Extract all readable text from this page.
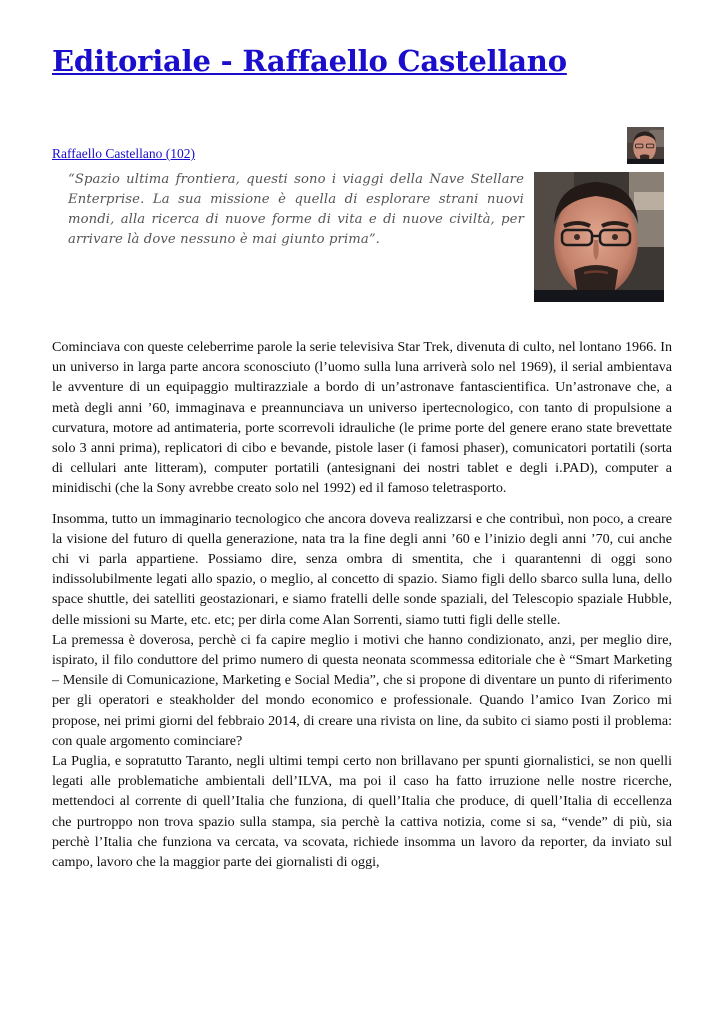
Editoriale - Raffaello Castellano
Raffaello Castellano (102)
“Spazio ultima frontiera, questi sono i viaggi della Nave Stellare Enterprise. La sua missione è quella di esplorare strani nuovi mondi, alla ricerca di nuove forme di vita e di nuove civiltà, per arrivare là dove nessuno è mai giunto prima”.

Cominciava con queste celeberrime parole la serie televisiva Star Trek, divenuta di culto, nel lontano 1966. In un universo in larga parte ancora sconosciuto (l’uomo sulla luna arriverà solo nel 1969), il serial ambientava le avventure di un equipaggio multirazziale a bordo di un’astronave fantascientifica. Un’astronave che, a metà degli anni ’60, immaginava e preannunciava un universo ipertecnologico, con tanto di propulsione a curvatura, motore ad antimateria, porte scorrevoli idrauliche (le prime porte del genere erano state brevettate solo 3 anni prima), replicatori di cibo e bevande, pistole laser (i famosi phaser), comunicatori portatili (sorta di cellulari ante litteram), computer portatili (antesignani dei nostri tablet e degli i.PAD), computer a minidischi (che la Sony avrebbe creato solo nel 1992) ed il famoso teletrasporto.

Insomma, tutto un immaginario tecnologico che ancora doveva realizzarsi e che contribuì, non poco, a creare la visione del futuro di quella generazione, nata tra la fine degli anni ’60 e l’inizio degli anni ’70, cui anche chi vi parla appartiene. Possiamo dire, senza ombra di smentita, che i quarantenni di oggi sono indissolubilmente legati allo spazio, o meglio, al concetto di spazio. Siamo figli dello sbarco sulla luna, dello space shuttle, dei satelliti geostazionari, e siamo fratelli delle sonde spaziali, del Telescopio spaziale Hubble, delle missioni su Marte, etc. etc; per dirla come Alan Sorrenti, siamo tutti figli delle stelle.

La premessa è doverosa, perchè ci fa capire meglio i motivi che hanno condizionato, anzi, per meglio dire, ispirato, il filo conduttore del primo numero di questa neonata scommessa editoriale che è “Smart Marketing – Mensile di Comunicazione, Marketing e Social Media”, che si propone di diventare un punto di riferimento per gli operatori e steakholder del mondo economico e professionale. Quando l’amico Ivan Zorico mi propose, nei primi giorni del febbraio 2014, di creare una rivista on line, da subito ci siamo posti il problema: con quale argomento cominciare?

La Puglia, e sopratutto Taranto, negli ultimi tempi certo non brillavano per spunti giornalistici, se non quelli legati alle problematiche ambientali dell’ILVA, ma poi il caso ha fatto irruzione nelle nostre ricerche, mettendoci al corrente di quell’Italia che funziona, di quell’Italia che produce, di quell’Italia di eccellenza che purtroppo non trova spazio sulla stampa, sia perchè la cattiva notizia, come si sa, “vende” di più, sia perchè l’Italia che funziona va cercata, va scovata, richiede insomma un lavoro da reporter, da inviato sul campo, lavoro che la maggior parte dei giornalisti di oggi,
